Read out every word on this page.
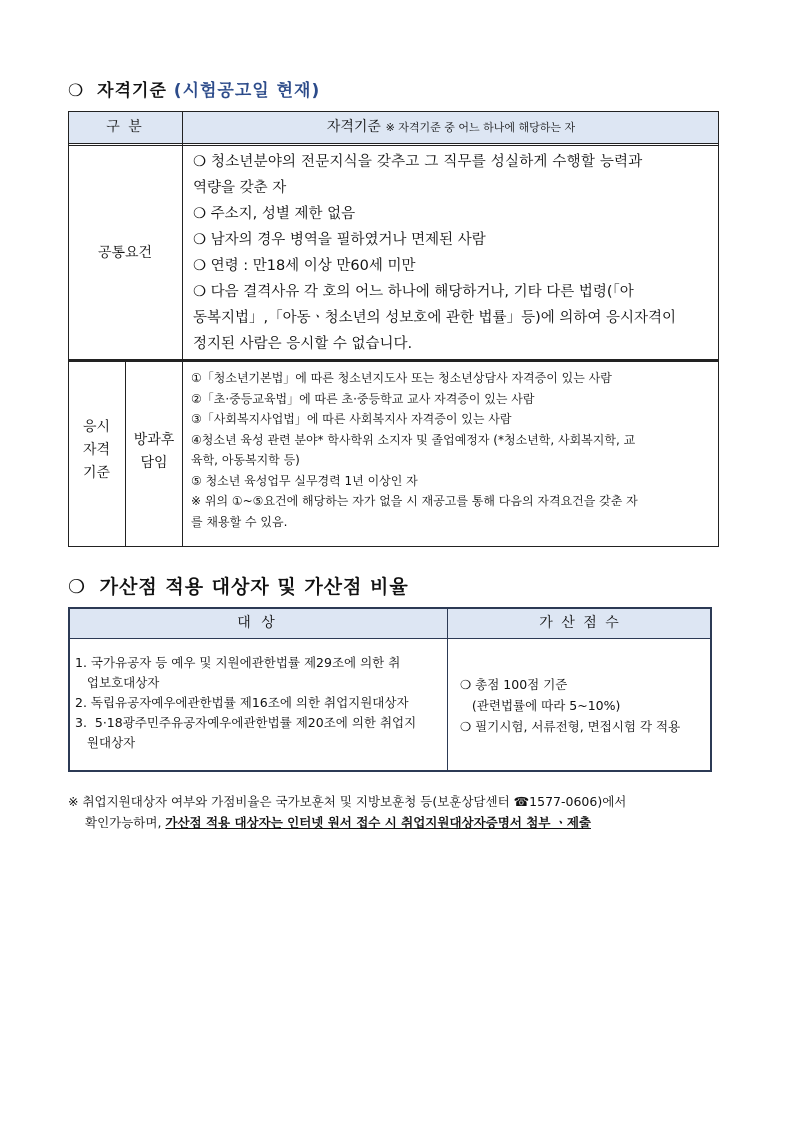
❍ 자격기준 (시험공고일 현재)
구 분	자격기준 ※ 자격기준 중 어느 하나에 해당하는 자
공통요건
❍ 청소년분야의 전문지식을 갖추고 그 직무를 성실하게 수행할 능력과
역량을 갖춘 자
❍ 주소지, 성별 제한 없음
❍ 남자의 경우 병역을 필하였거나 면제된 사람
❍ 연령 : 만18세 이상 만60세 미만
❍ 다음 결격사유 각 호의 어느 하나에 해당하거나, 기타 다른 법령(「아
동복지법」,「아동ㆍ청소년의 성보호에 관한 법률」등)에 의하여 응시자격이
정지된 사람은 응시할 수 없습니다.
응시
자격
기준
방과후
담임
①「청소년기본법」에 따른 청소년지도사 또는 청소년상담사 자격증이 있는 사람
②「초·중등교육법」에 따른 초·중등학교 교사 자격증이 있는 사람
③「사회복지사업법」에 따른 사회복지사 자격증이 있는 사람
④청소년 육성 관련 분야* 학사학위 소지자 및 졸업예정자 (*청소년학, 사회복지학, 교
육학, 아동복지학 등)
⑤ 청소년 육성업무 실무경력 1년 이상인 자
※ 위의 ①~⑤요건에 해당하는 자가 없을 시 재공고를 통해 다음의 자격요건을 갖춘 자
를 채용할 수 있음.
❍ 가산점 적용 대상자 및 가산점 비율
대 상	가 산 점 수
1. 국가유공자 등 예우 및 지원에관한법률 제29조에 의한 취
업보호대상자
2. 독립유공자예우에관한법률 제16조에 의한 취업지원대상자
3.  5·18광주민주유공자예우에관한법률 제20조에 의한 취업지
원대상자
❍ 총점 100점 기준
(관련법률에 따라 5~10%)
❍ 필기시험, 서류전형, 면접시험 각 적용
※ 취업지원대상자 여부와 가점비율은 국가보훈처 및 지방보훈청 등(보훈상담센터 ☎1577-0606)에서
확인가능하며, 가산점 적용 대상자는 인터넷 원서 접수 시 취업지원대상자증명서 첨부 ㆍ제출
